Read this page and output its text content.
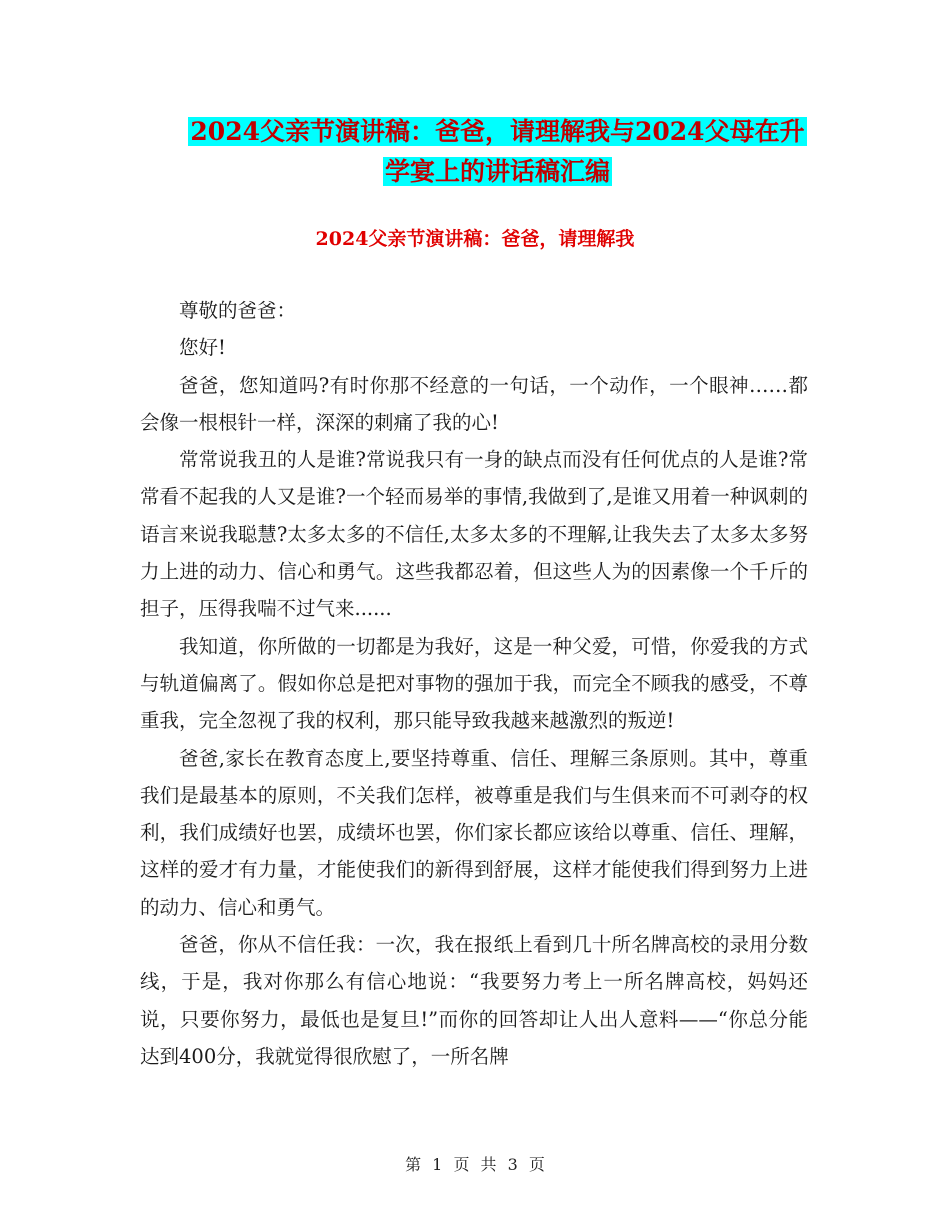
2024父亲节演讲稿：爸爸，请理解我与2024父母在升
学宴上的讲话稿汇编
2024父亲节演讲稿：爸爸，请理解我

尊敬的爸爸：

您好!

爸爸，您知道吗?有时你那不经意的一句话，一个动作，一个眼神……都会像一根根针一样，深深的刺痛了我的心!

常常说我丑的人是谁?常说我只有一身的缺点而没有任何优点的人是谁?常常看不起我的人又是谁?一个轻而易举的事情,我做到了,是谁又用着一种讽刺的语言来说我聪慧?太多太多的不信任,太多太多的不理解,让我失去了太多太多努力上进的动力、信心和勇气。这些我都忍着，但这些人为的因素像一个千斤的担子，压得我喘不过气来......

我知道，你所做的一切都是为我好，这是一种父爱，可惜，你爱我的方式与轨道偏离了。假如你总是把对事物的强加于我，而完全不顾我的感受，不尊重我，完全忽视了我的权利，那只能导致我越来越激烈的叛逆!

爸爸,家长在教育态度上,要坚持尊重、信任、理解三条原则。其中，尊重我们是最基本的原则，不关我们怎样，被尊重是我们与生俱来而不可剥夺的权利，我们成绩好也罢，成绩坏也罢，你们家长都应该给以尊重、信任、理解，这样的爱才有力量，才能使我们的新得到舒展，这样才能使我们得到努力上进的动力、信心和勇气。

爸爸，你从不信任我：一次，我在报纸上看到几十所名牌高校的录用分数线，于是，我对你那么有信心地说：“我要努力考上一所名牌高校，妈妈还说，只要你努力，最低也是复旦!”而你的回答却让人出人意料——“你总分能达到400分，我就觉得很欣慰了，一所名牌

第 1 页 共 3 页
